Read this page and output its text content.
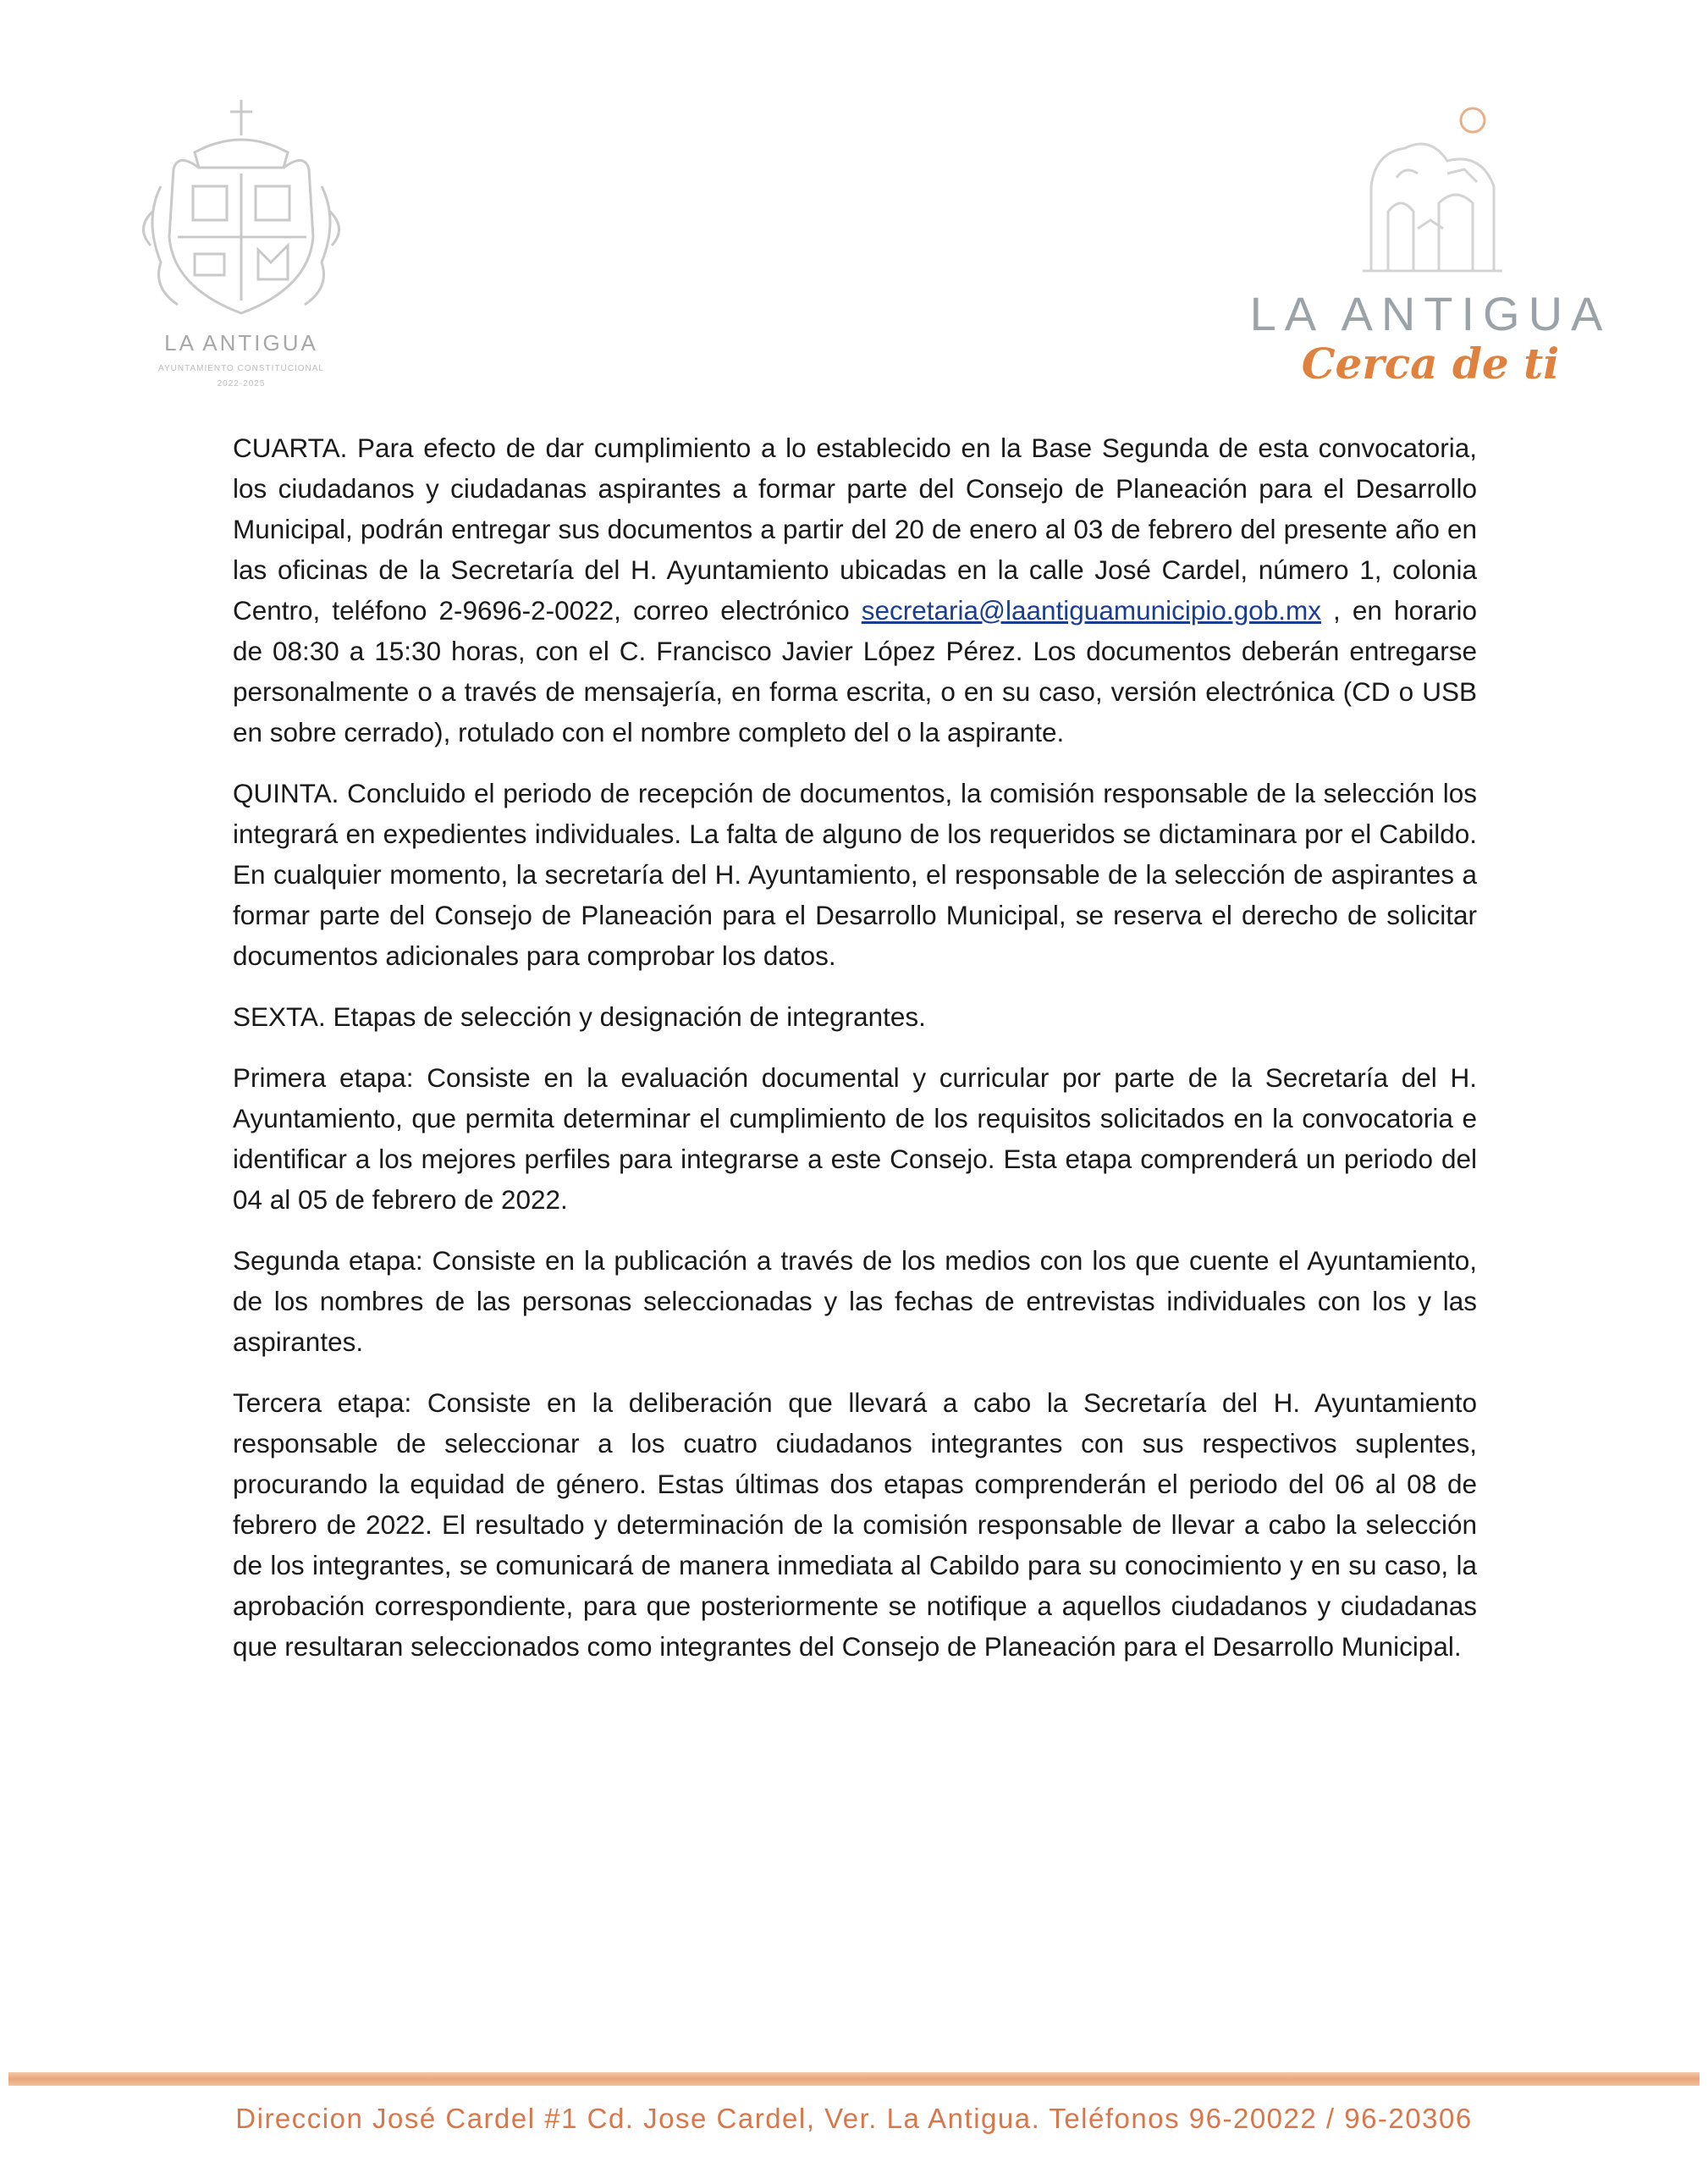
LA ANTIGUA
AYUNTAMIENTO CONSTITUCIONAL
2022-2025
LA ANTIGUA
Cerca de ti

CUARTA. Para efecto de dar cumplimiento a lo establecido en la Base Segunda de esta convocatoria, los ciudadanos y ciudadanas aspirantes a formar parte del Consejo de Planeación para el Desarrollo Municipal, podrán entregar sus documentos a partir del 20 de enero al 03 de febrero del presente año en las oficinas de la Secretaría del H. Ayuntamiento ubicadas en la calle José Cardel, número 1, colonia Centro, teléfono 2-9696-2-0022, correo electrónico secretaria@laantiguamunicipio.gob.mx , en horario de 08:30 a 15:30 horas, con el C. Francisco Javier López Pérez. Los documentos deberán entregarse personalmente o a través de mensajería, en forma escrita, o en su caso, versión electrónica (CD o USB en sobre cerrado), rotulado con el nombre completo del o la aspirante.

QUINTA. Concluido el periodo de recepción de documentos, la comisión responsable de la selección los integrará en expedientes individuales. La falta de alguno de los requeridos se dictaminara por el Cabildo. En cualquier momento, la secretaría del H. Ayuntamiento, el responsable de la selección de aspirantes a formar parte del Consejo de Planeación para el Desarrollo Municipal, se reserva el derecho de solicitar documentos adicionales para comprobar los datos.

SEXTA. Etapas de selección y designación de integrantes.

Primera etapa: Consiste en la evaluación documental y curricular por parte de la Secretaría del H. Ayuntamiento, que permita determinar el cumplimiento de los requisitos solicitados en la convocatoria e identificar a los mejores perfiles para integrarse a este Consejo. Esta etapa comprenderá un periodo del 04 al 05 de febrero de 2022.

Segunda etapa: Consiste en la publicación a través de los medios con los que cuente el Ayuntamiento, de los nombres de las personas seleccionadas y las fechas de entrevistas individuales con los y las aspirantes.

Tercera etapa: Consiste en la deliberación que llevará a cabo la Secretaría del H. Ayuntamiento responsable de seleccionar a los cuatro ciudadanos integrantes con sus respectivos suplentes, procurando la equidad de género. Estas últimas dos etapas comprenderán el periodo del 06 al 08 de febrero de 2022. El resultado y determinación de la comisión responsable de llevar a cabo la selección de los integrantes, se comunicará de manera inmediata al Cabildo para su conocimiento y en su caso, la aprobación correspondiente, para que posteriormente se notifique a aquellos ciudadanos y ciudadanas que resultaran seleccionados como integrantes del Consejo de Planeación para el Desarrollo Municipal.

Direccion José Cardel #1 Cd. Jose Cardel, Ver. La Antigua. Teléfonos 96-20022 / 96-20306
